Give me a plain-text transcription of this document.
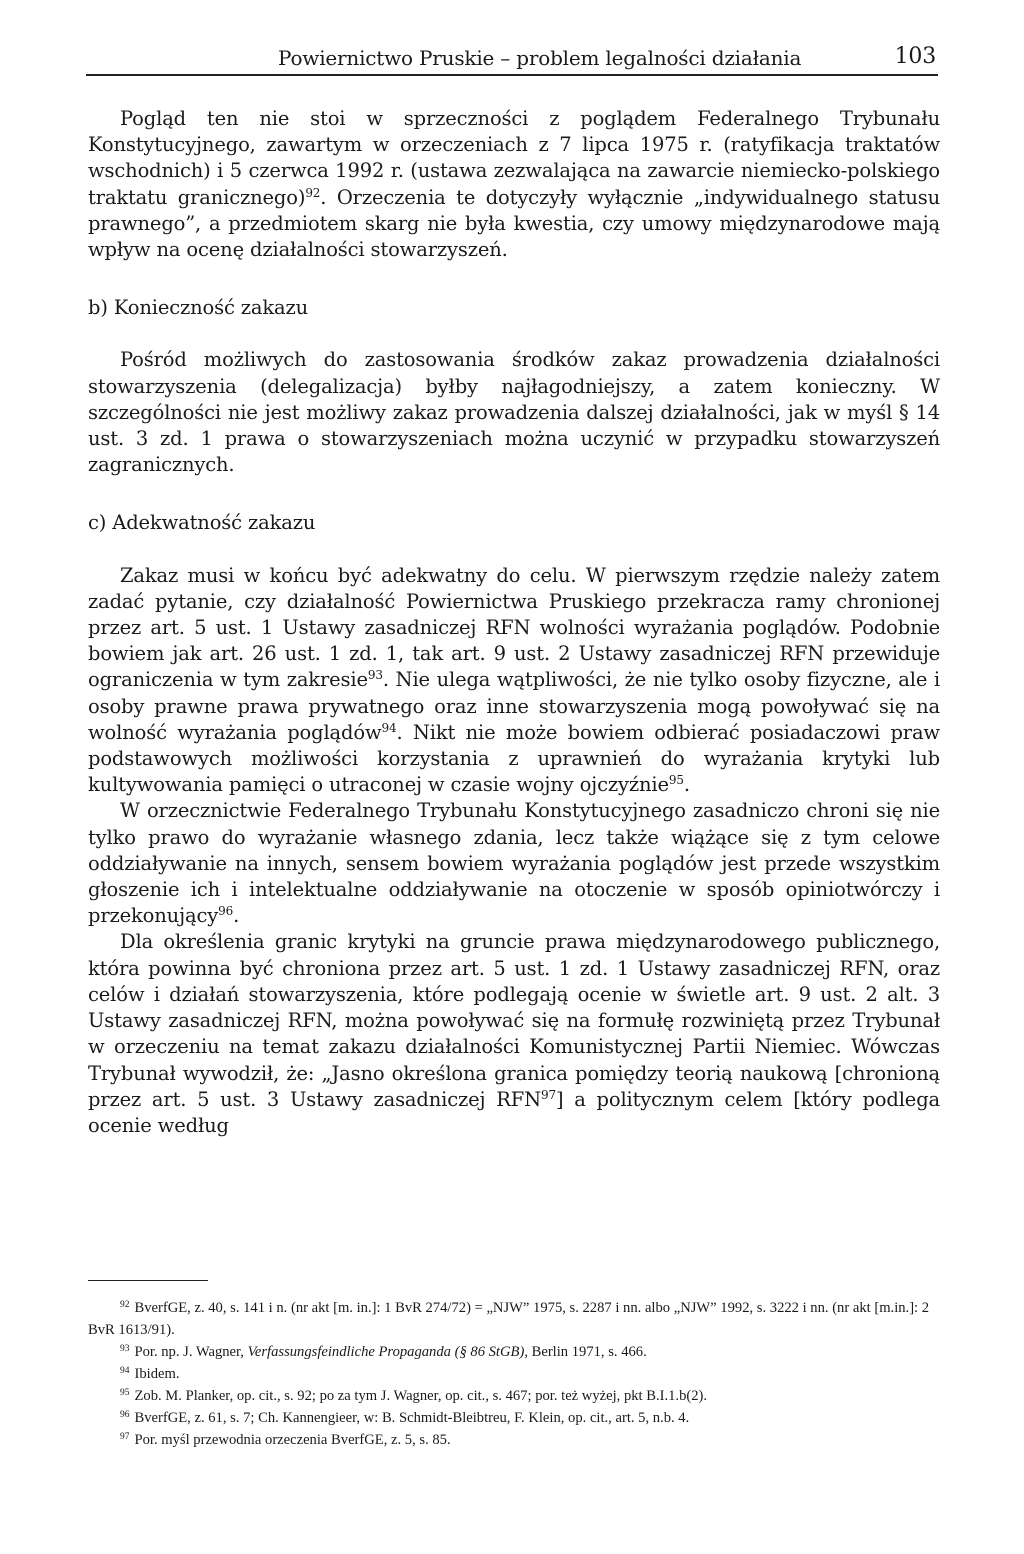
Powiernictwo Pruskie – problem legalności działania	103

Pogląd ten nie stoi w sprzeczności z poglądem Federalnego Trybunału Konstytucyjnego, zawartym w orzeczeniach z 7 lipca 1975 r. (ratyfikacja traktatów wschodnich) i 5 czerwca 1992 r. (ustawa zezwalająca na zawarcie niemiecko-polskiego traktatu granicznego)$^{92}$. Orzeczenia te dotyczyły wyłącznie „indywidualnego statusu prawnego”, a przedmiotem skarg nie była kwestia, czy umowy międzynarodowe mają wpływ na ocenę działalności stowarzyszeń.

b) Konieczność zakazu

Pośród możliwych do zastosowania środków zakaz prowadzenia działalności stowarzyszenia (delegalizacja) byłby najłagodniejszy, a zatem konieczny. W szczególności nie jest możliwy zakaz prowadzenia dalszej działalności, jak w myśl § 14 ust. 3 zd. 1 prawa o stowarzyszeniach można uczynić w przypadku stowarzyszeń zagranicznych.

c) Adekwatność zakazu

Zakaz musi w końcu być adekwatny do celu. W pierwszym rzędzie należy zatem zadać pytanie, czy działalność Powiernictwa Pruskiego przekracza ramy chronionej przez art. 5 ust. 1 Ustawy zasadniczej RFN wolności wyrażania poglądów. Podobnie bowiem jak art. 26 ust. 1 zd. 1, tak art. 9 ust. 2 Ustawy zasadniczej RFN przewiduje ograniczenia w tym zakresie$^{93}$. Nie ulega wątpliwości, że nie tylko osoby fizyczne, ale i osoby prawne prawa prywatnego oraz inne stowarzyszenia mogą powoływać się na wolność wyrażania poglądów$^{94}$. Nikt nie może bowiem odbierać posiadaczowi praw podstawowych możliwości korzystania z uprawnień do wyrażania krytyki lub kultywowania pamięci o utraconej w czasie wojny ojczyźnie$^{95}$.

W orzecznictwie Federalnego Trybunału Konstytucyjnego zasadniczo chroni się nie tylko prawo do wyrażanie własnego zdania, lecz także wiążące się z tym celowe oddziaływanie na innych, sensem bowiem wyrażania poglądów jest przede wszystkim głoszenie ich i intelektualne oddziaływanie na otoczenie w sposób opiniotwórczy i przekonujący$^{96}$.

Dla określenia granic krytyki na gruncie prawa międzynarodowego publicznego, która powinna być chroniona przez art. 5 ust. 1 zd. 1 Ustawy zasadniczej RFN, oraz celów i działań stowarzyszenia, które podlegają ocenie w świetle art. 9 ust. 2 alt. 3 Ustawy zasadniczej RFN, można powoływać się na formułę rozwiniętą przez Trybunał w orzeczeniu na temat zakazu działalności Komunistycznej Partii Niemiec. Wówczas Trybunał wywodził, że: „Jasno określona granica pomiędzy teorią naukową [chronioną przez art. 5 ust. 3 Ustawy zasadniczej RFN$^{97}$] a politycznym celem [który podlega ocenie według

$^{92}$ BverfGE, z. 40, s. 141 i n. (nr akt [m. in.]: 1 BvR 274/72) = „NJW” 1975, s. 2287 i nn. albo „NJW” 1992, s. 3222 i nn. (nr akt [m.in.]: 2 BvR 1613/91).

$^{93}$ Por. np. J. Wagner, Verfassungsfeindliche Propaganda (§ 86 StGB), Berlin 1971, s. 466.

$^{94}$ Ibidem.

$^{95}$ Zob. M. Planker, op. cit., s. 92; po za tym J. Wagner, op. cit., s. 467; por. też wyżej, pkt B.I.1.b(2).

$^{96}$ BverfGE, z. 61, s. 7; Ch. Kannengieer, w: B. Schmidt-Bleibtreu, F. Klein, op. cit., art. 5, n.b. 4.

$^{97}$ Por. myśl przewodnia orzeczenia BverfGE, z. 5, s. 85.
